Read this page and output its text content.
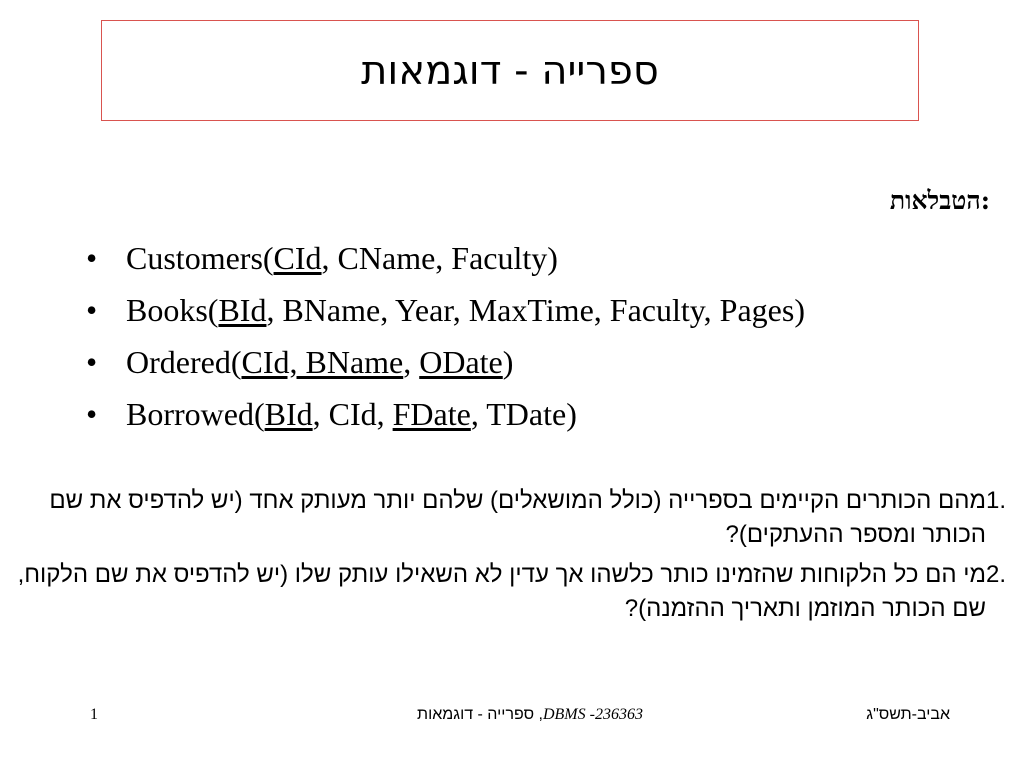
ספרייה - דוגמאות
:הטבלאות
• Customers(CId, CName, Faculty)
• Books(BId, BName, Year, MaxTime, Faculty, Pages)
• Ordered(CId, BName, ODate)
• Borrowed(BId, CId, FDate, TDate)
1.
מהם הכותרים הקיימים בספרייה (כולל המושאלים) שלהם יותר מעותק אחד (יש להדפיס את שם הכותר ומספר ההעתקים)?
2.
מי הם כל הלקוחות שהזמינו כותר כלשהו אך עדין לא השאילו עותק שלו (יש להדפיס את שם הלקוח, שם הכותר המוזמן ותאריך ההזמנה)?
1	DBMS -236363, ספרייה - דוגמאות	אביב-תשס"ג
